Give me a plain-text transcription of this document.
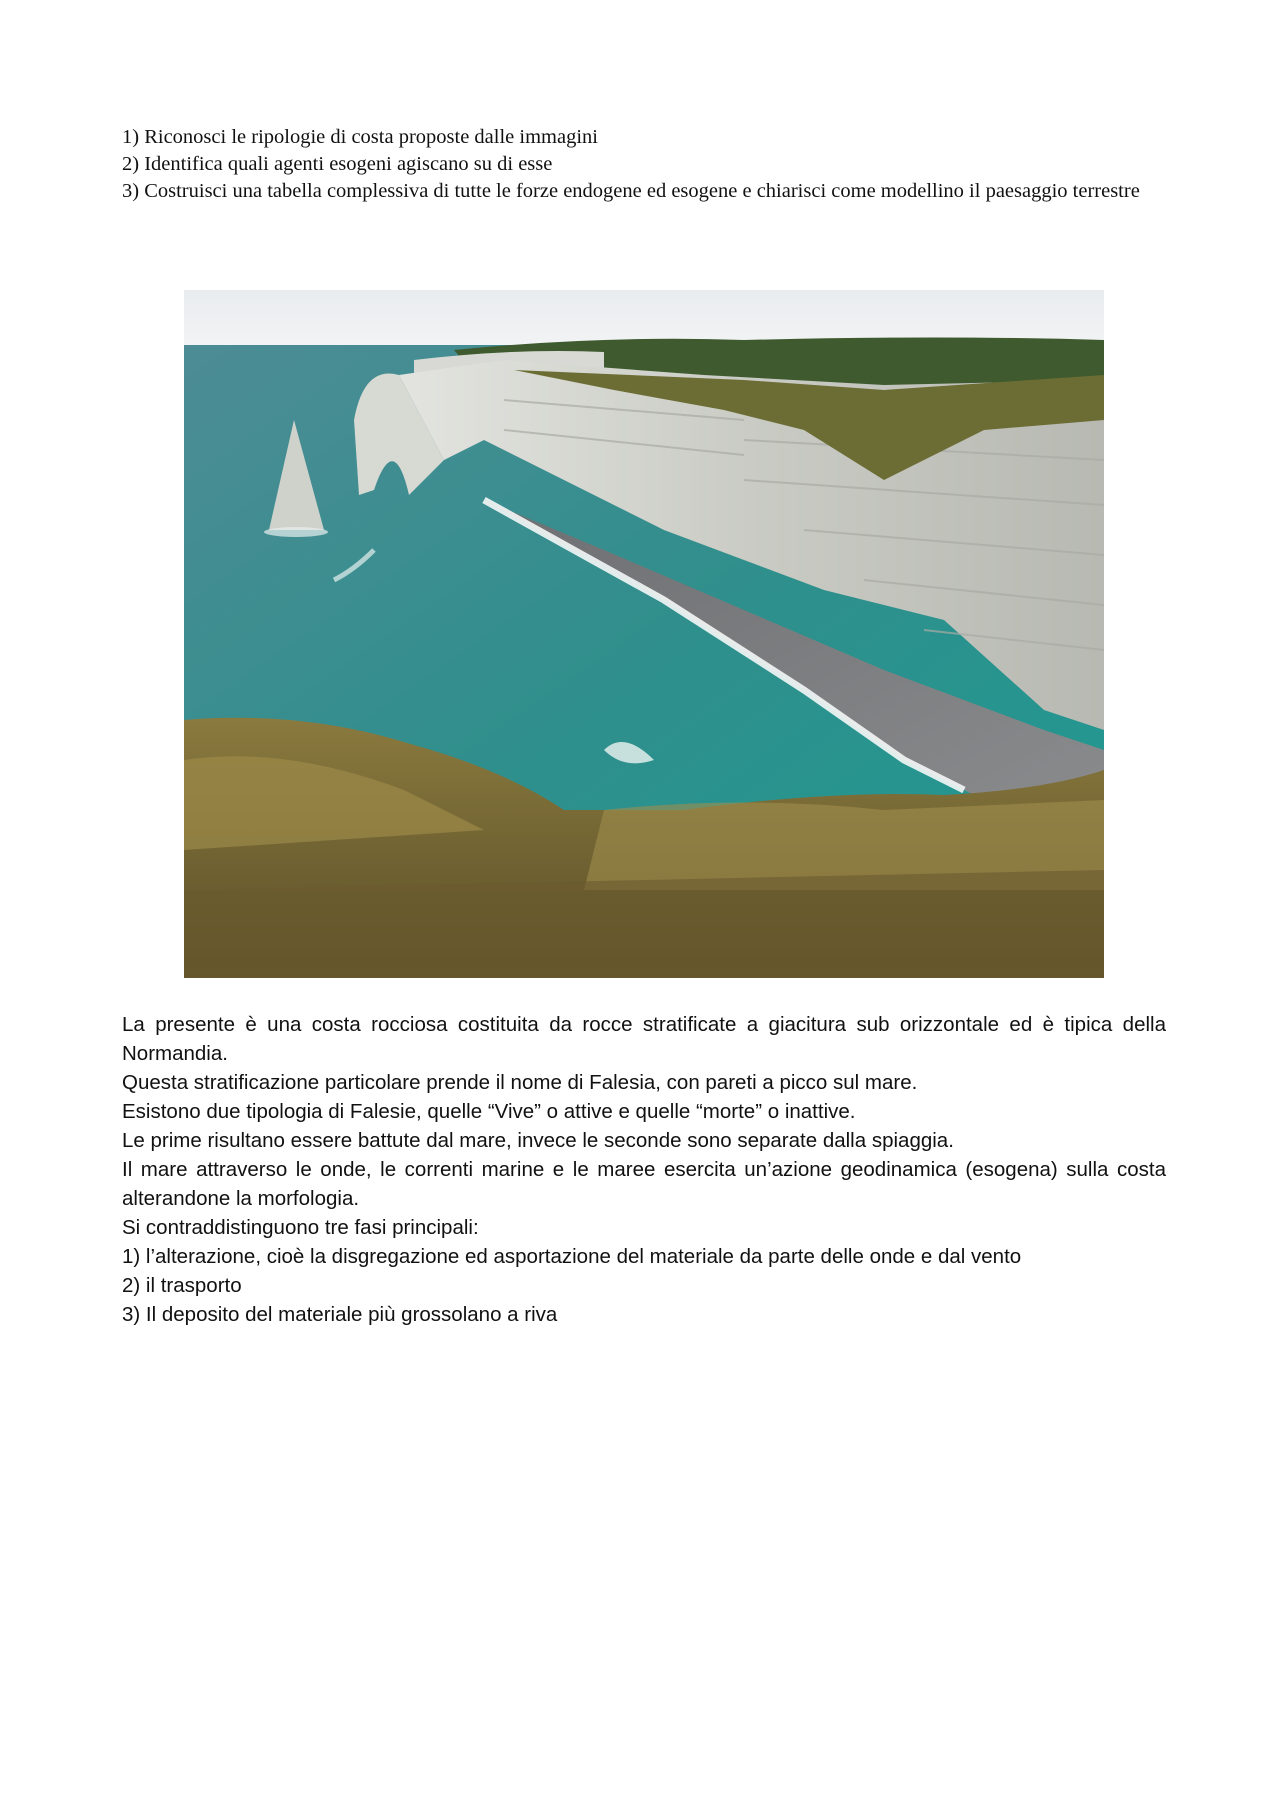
1) Riconosci le ripologie di costa proposte dalle immagini
2) Identifica quali agenti esogeni agiscano su di esse
3) Costruisci una tabella complessiva di tutte le forze endogene ed esogene e chiarisci come modellino il paesaggio terrestre

La presente è una costa rocciosa costituita da rocce stratificate a giacitura sub orizzontale ed è tipica della Normandia.

Questa stratificazione particolare prende il nome di Falesia, con pareti a picco sul mare.

Esistono due tipologia di Falesie, quelle “Vive” o attive e quelle “morte” o inattive.

Le prime risultano essere battute dal mare, invece le seconde sono separate dalla spiaggia.

Il mare attraverso le onde, le correnti marine e le maree esercita un’azione geodinamica (esogena) sulla costa alterandone la morfologia.

Si contraddistinguono tre fasi principali:

1) l’alterazione, cioè la disgregazione ed asportazione del materiale da parte delle onde e dal vento

2) il trasporto

3) Il deposito del materiale più grossolano a riva
